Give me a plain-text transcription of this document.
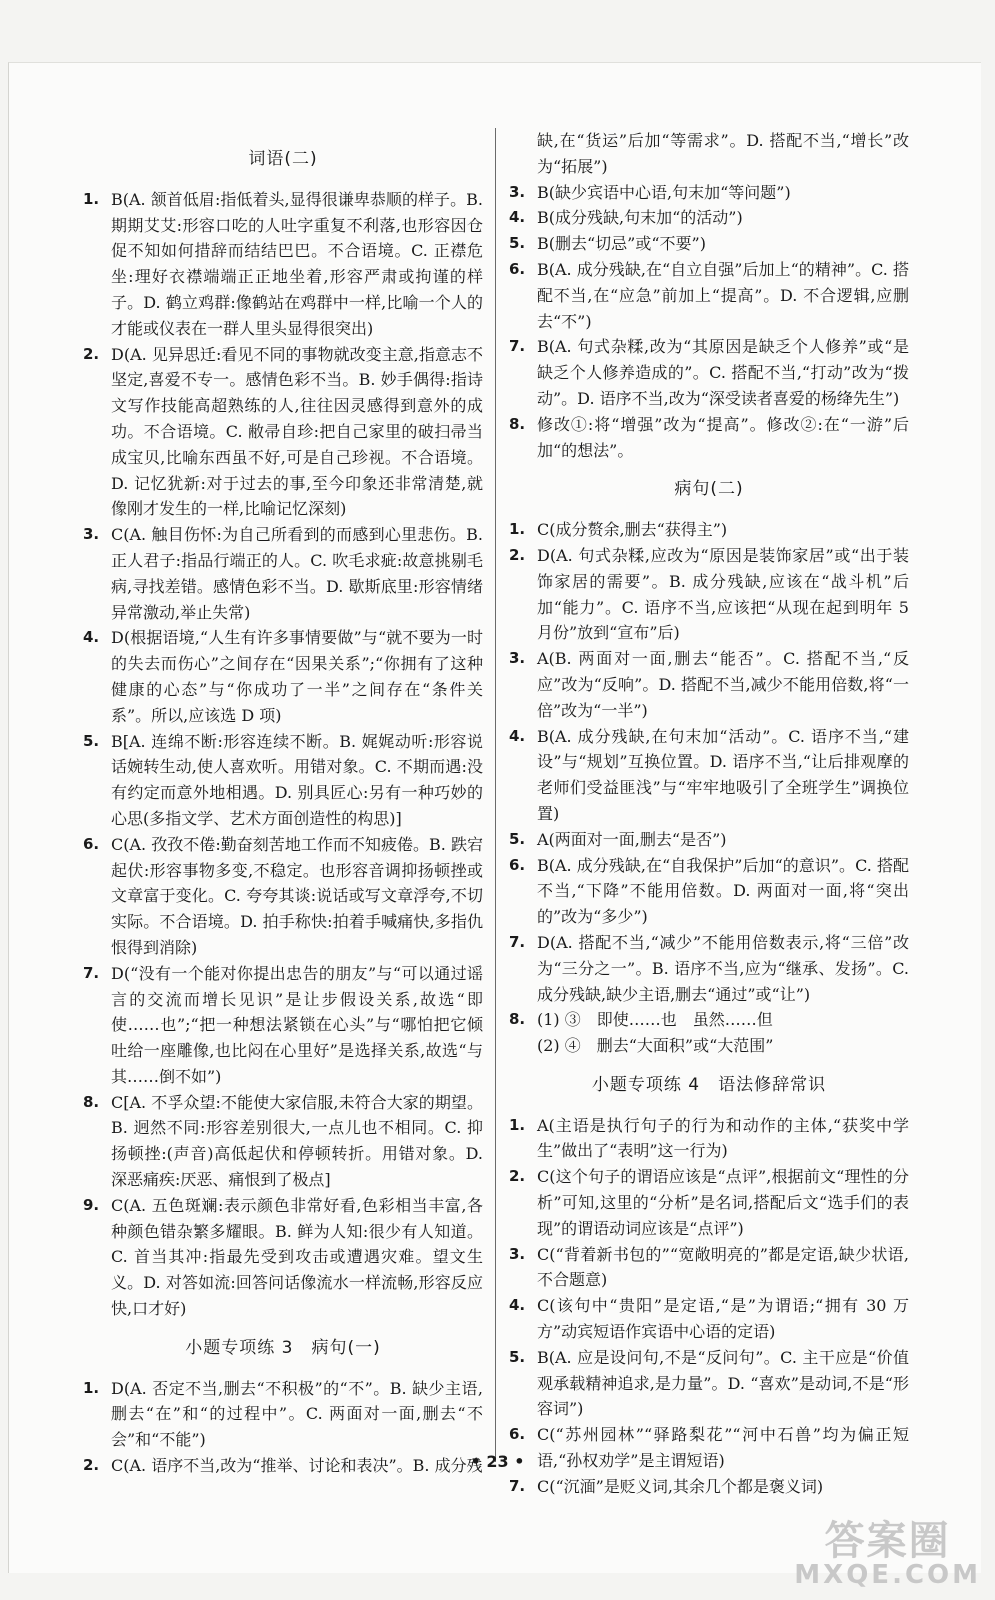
词语(二)
1. B(A. 颔首低眉:指低着头,显得很谦卑恭顺的样子。B. 期期艾艾:形容口吃的人吐字重复不利落,也形容因仓促不知如何措辞而结结巴巴。不合语境。C. 正襟危坐:理好衣襟端端正正地坐着,形容严肃或拘谨的样子。D. 鹤立鸡群:像鹤站在鸡群中一样,比喻一个人的才能或仪表在一群人里头显得很突出)
2. D(A. 见异思迁:看见不同的事物就改变主意,指意志不坚定,喜爱不专一。感情色彩不当。B. 妙手偶得:指诗文写作技能高超熟练的人,往往因灵感得到意外的成功。不合语境。C. 敝帚自珍:把自己家里的破扫帚当成宝贝,比喻东西虽不好,可是自己珍视。不合语境。D. 记忆犹新:对于过去的事,至今印象还非常清楚,就像刚才发生的一样,比喻记忆深刻)
3. C(A. 触目伤怀:为自己所看到的而感到心里悲伤。B. 正人君子:指品行端正的人。C. 吹毛求疵:故意挑剔毛病,寻找差错。感情色彩不当。D. 歇斯底里:形容情绪异常激动,举止失常)
4. D(根据语境,“人生有许多事情要做”与“就不要为一时的失去而伤心”之间存在“因果关系”;“你拥有了这种健康的心态”与“你成功了一半”之间存在“条件关系”。所以,应该选 D 项)
5. B[A. 连绵不断:形容连续不断。B. 娓娓动听:形容说话婉转生动,使人喜欢听。用错对象。C. 不期而遇:没有约定而意外地相遇。D. 别具匠心:另有一种巧妙的心思(多指文学、艺术方面创造性的构思)]
6. C(A. 孜孜不倦:勤奋刻苦地工作而不知疲倦。B. 跌宕起伏:形容事物多变,不稳定。也形容音调抑扬顿挫或文章富于变化。C. 夸夸其谈:说话或写文章浮夸,不切实际。不合语境。D. 拍手称快:拍着手喊痛快,多指仇恨得到消除)
7. D(“没有一个能对你提出忠告的朋友”与“可以通过谣言的交流而增长见识”是让步假设关系,故选“即使……也”;“把一种想法紧锁在心头”与“哪怕把它倾吐给一座雕像,也比闷在心里好”是选择关系,故选“与其……倒不如”)
8. C[A. 不孚众望:不能使大家信服,未符合大家的期望。B. 迥然不同:形容差别很大,一点儿也不相同。C. 抑扬顿挫:(声音)高低起伏和停顿转折。用错对象。D. 深恶痛疾:厌恶、痛恨到了极点]
9. C(A. 五色斑斓:表示颜色非常好看,色彩相当丰富,各种颜色错杂繁多耀眼。B. 鲜为人知:很少有人知道。C. 首当其冲:指最先受到攻击或遭遇灾难。望文生义。D. 对答如流:回答问话像流水一样流畅,形容反应快,口才好)
小题专项练 3　病句(一)
1. D(A. 否定不当,删去“不积极”的“不”。B. 缺少主语,删去“在”和“的过程中”。C. 两面对一面,删去“不会”和“不能”)
2. C(A. 语序不当,改为“推举、讨论和表决”。B. 成分残
缺,在“货运”后加“等需求”。D. 搭配不当,“增长”改为“拓展”)
3. B(缺少宾语中心语,句末加“等问题”)
4. B(成分残缺,句末加“的活动”)
5. B(删去“切忌”或“不要”)
6. B(A. 成分残缺,在“自立自强”后加上“的精神”。C. 搭配不当,在“应急”前加上“提高”。D. 不合逻辑,应删去“不”)
7. B(A. 句式杂糅,改为“其原因是缺乏个人修养”或“是缺乏个人修养造成的”。C. 搭配不当,“打动”改为“拨动”。D. 语序不当,改为“深受读者喜爱的杨绛先生”)
8. 修改①:将“增强”改为“提高”。修改②:在“一游”后加“的想法”。
病句(二)
1. C(成分赘余,删去“获得主”)
2. D(A. 句式杂糅,应改为“原因是装饰家居”或“出于装饰家居的需要”。B. 成分残缺,应该在“战斗机”后加“能力”。C. 语序不当,应该把“从现在起到明年 5 月份”放到“宣布”后)
3. A(B. 两面对一面,删去“能否”。C. 搭配不当,“反应”改为“反响”。D. 搭配不当,减少不能用倍数,将“一倍”改为“一半”)
4. B(A. 成分残缺,在句末加“活动”。C. 语序不当,“建设”与“规划”互换位置。D. 语序不当,“让后排观摩的老师们受益匪浅”与“牢牢地吸引了全班学生”调换位置)
5. A(两面对一面,删去“是否”)
6. B(A. 成分残缺,在“自我保护”后加“的意识”。C. 搭配不当,“下降”不能用倍数。D. 两面对一面,将“突出的”改为“多少”)
7. D(A. 搭配不当,“减少”不能用倍数表示,将“三倍”改为“三分之一”。B. 语序不当,应为“继承、发扬”。C. 成分残缺,缺少主语,删去“通过”或“让”)
8. (1) ③　即使……也　虽然……但
(2) ④　删去“大面积”或“大范围”
小题专项练 4　语法修辞常识
1. A(主语是执行句子的行为和动作的主体,“获奖中学生”做出了“表明”这一行为)
2. C(这个句子的谓语应该是“点评”,根据前文“理性的分析”可知,这里的“分析”是名词,搭配后文“选手们的表现”的谓语动词应该是“点评”)
3. C(“背着新书包的”“宽敞明亮的”都是定语,缺少状语,不合题意)
4. C(该句中“贵阳”是定语,“是”为谓语;“拥有 30 万方”动宾短语作宾语中心语的定语)
5. B(A. 应是设问句,不是“反问句”。C. 主干应是“价值观承载精神追求,是力量”。D. “喜欢”是动词,不是“形容词”)
6. C(“苏州园林”“驿路梨花”“河中石兽”均为偏正短语,“孙权劝学”是主谓短语)
7. C(“沉湎”是贬义词,其余几个都是褒义词)
• 23 •
答案圈
MXQE.COM
